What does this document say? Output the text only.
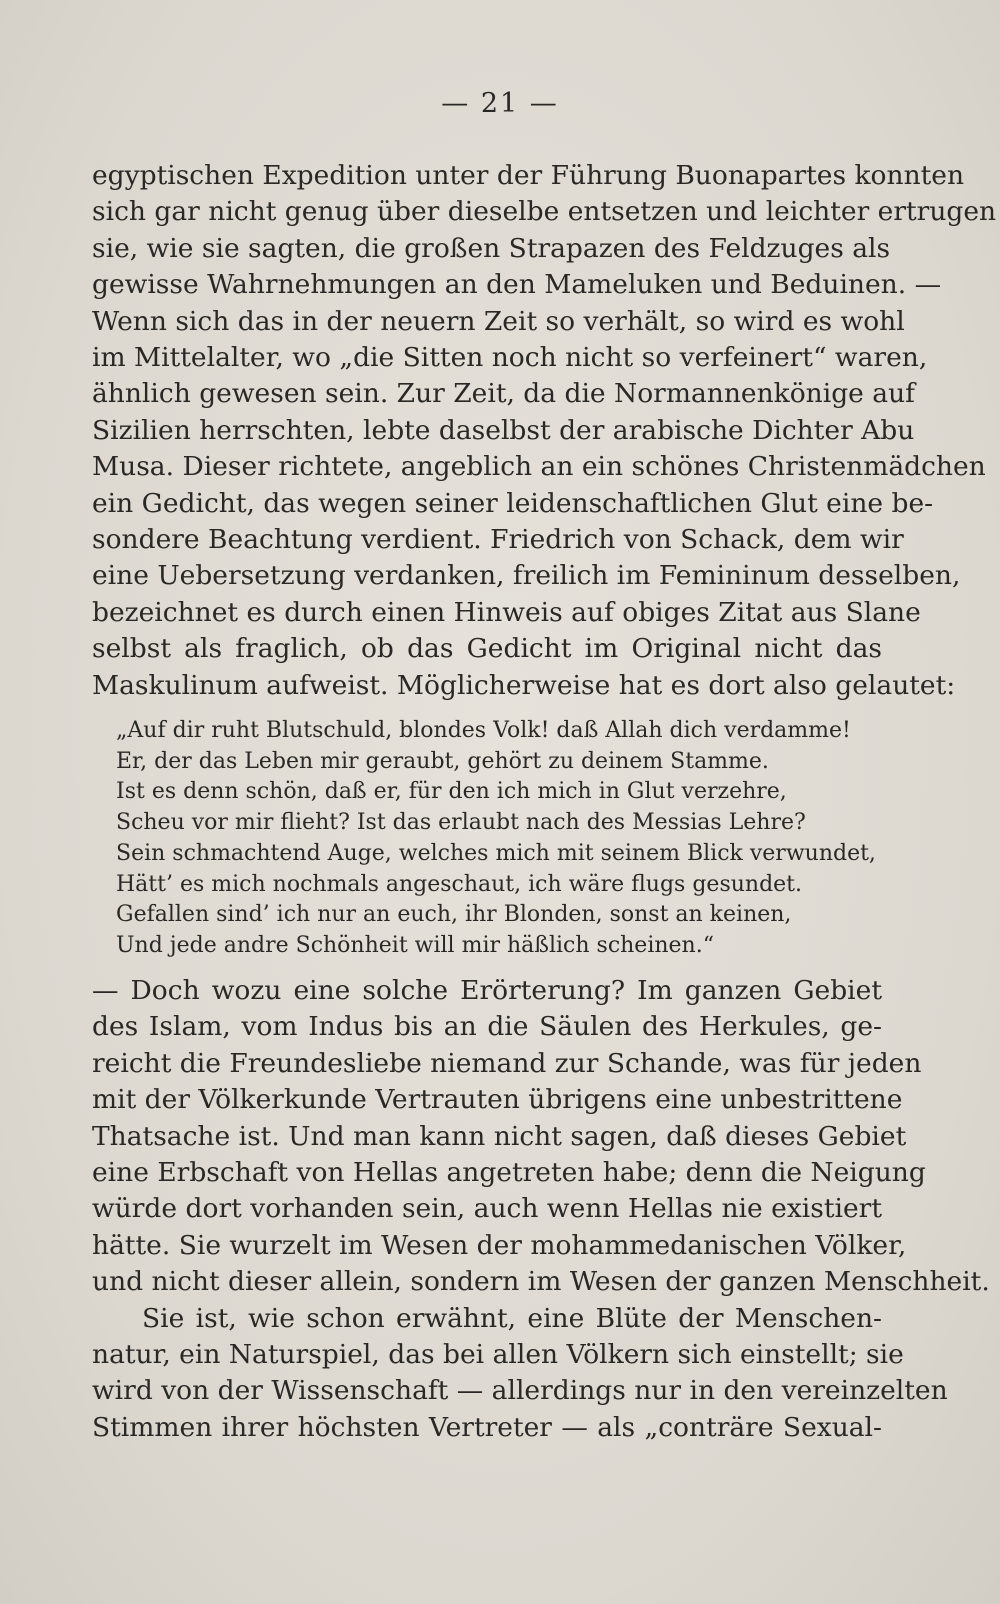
— 21 —
egyptischen Expedition unter der Führung Buonapartes konnten
sich gar nicht genug über dieselbe entsetzen und leichter ertrugen
sie, wie sie sagten, die großen Strapazen des Feldzuges als
gewisse Wahrnehmungen an den Mameluken und Beduinen. —
Wenn sich das in der neuern Zeit so verhält, so wird es wohl
im Mittelalter, wo „die Sitten noch nicht so verfeinert“ waren,
ähnlich gewesen sein. Zur Zeit, da die Normannenkönige auf
Sizilien herrschten, lebte daselbst der arabische Dichter Abu
Musa. Dieser richtete, angeblich an ein schönes Christenmädchen
ein Gedicht, das wegen seiner leidenschaftlichen Glut eine be-
sondere Beachtung verdient. Friedrich von Schack, dem wir
eine Uebersetzung verdanken, freilich im Femininum desselben,
bezeichnet es durch einen Hinweis auf obiges Zitat aus Slane
selbst als fraglich, ob das Gedicht im Original nicht das
Maskulinum aufweist. Möglicherweise hat es dort also gelautet:
„Auf dir ruht Blutschuld, blondes Volk! daß Allah dich verdamme!
Er, der das Leben mir geraubt, gehört zu deinem Stamme.
Ist es denn schön, daß er, für den ich mich in Glut verzehre,
Scheu vor mir flieht? Ist das erlaubt nach des Messias Lehre?
Sein schmachtend Auge, welches mich mit seinem Blick verwundet,
Hätt’ es mich nochmals angeschaut, ich wäre flugs gesundet.
Gefallen sind’ ich nur an euch, ihr Blonden, sonst an keinen,
Und jede andre Schönheit will mir häßlich scheinen.“
— Doch wozu eine solche Erörterung? Im ganzen Gebiet
des Islam, vom Indus bis an die Säulen des Herkules, ge-
reicht die Freundesliebe niemand zur Schande, was für jeden
mit der Völkerkunde Vertrauten übrigens eine unbestrittene
Thatsache ist. Und man kann nicht sagen, daß dieses Gebiet
eine Erbschaft von Hellas angetreten habe; denn die Neigung
würde dort vorhanden sein, auch wenn Hellas nie existiert
hätte. Sie wurzelt im Wesen der mohammedanischen Völker,
und nicht dieser allein, sondern im Wesen der ganzen Menschheit.
Sie ist, wie schon erwähnt, eine Blüte der Menschen-
natur, ein Naturspiel, das bei allen Völkern sich einstellt; sie
wird von der Wissenschaft — allerdings nur in den vereinzelten
Stimmen ihrer höchsten Vertreter — als „conträre Sexual-
